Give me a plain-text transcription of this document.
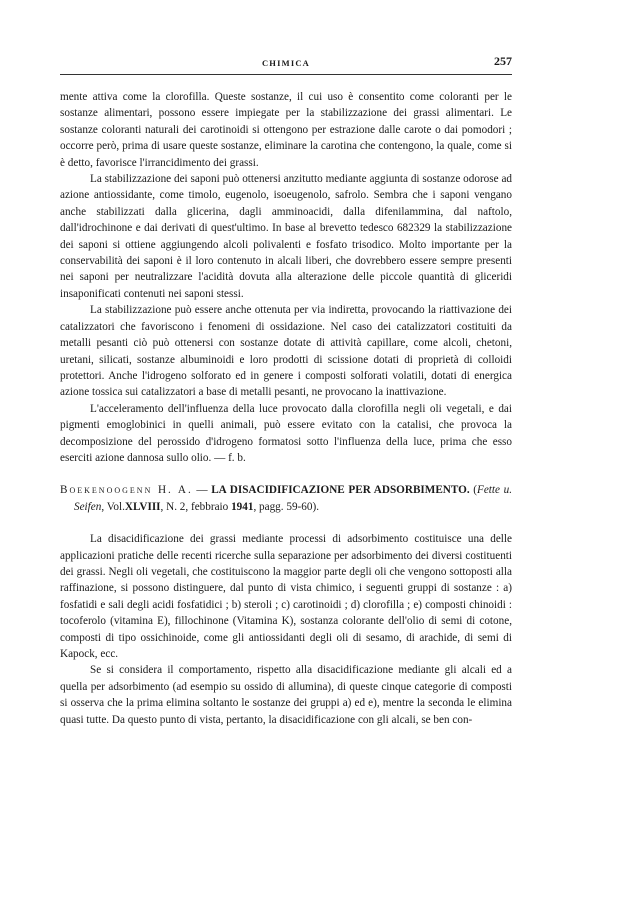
CHIMICA	257

mente attiva come la clorofilla. Queste sostanze, il cui uso è consentito come coloranti per le sostanze alimentari, possono essere impiegate per la stabilizzazione dei grassi alimentari. Le sostanze coloranti naturali dei carotinoidi si ottengono per estrazione dalle carote o dai pomodori ; occorre però, prima di usare queste sostanze, eliminare la carotina che contengono, la quale, come si è detto, favorisce l'irrancidimento dei grassi.

La stabilizzazione dei saponi può ottenersi anzitutto mediante aggiunta di sostanze odorose ad azione antiossidante, come timolo, eugenolo, isoeugenolo, safrolo. Sembra che i saponi vengano anche stabilizzati dalla glicerina, dagli amminoacidi, dalla difenilammina, dal naftolo, dall'idrochinone e dai derivati di quest'ultimo. In base al brevetto tedesco 682329 la stabilizzazione dei saponi si ottiene aggiungendo alcoli polivalenti e fosfato trisodico. Molto importante per la conservabilità dei saponi è il loro contenuto in alcali liberi, che dovrebbero essere sempre presenti nei saponi per neutralizzare l'acidità dovuta alla alterazione delle piccole quantità di gliceridi insaponificati contenuti nei saponi stessi.

La stabilizzazione può essere anche ottenuta per via indiretta, provocando la riattivazione dei catalizzatori che favoriscono i fenomeni di ossidazione. Nel caso dei catalizzatori costituiti da metalli pesanti ciò può ottenersi con sostanze dotate di attività capillare, come alcoli, chetoni, uretani, silicati, sostanze albuminoidi e loro prodotti di scissione dotati di proprietà di colloidi protettori. Anche l'idrogeno solforato ed in genere i composti solforati volatili, dotati di energica azione tossica sui catalizzatori a base di metalli pesanti, ne provocano la inattivazione.

L'acceleramento dell'influenza della luce provocato dalla clorofilla negli oli vegetali, e dai pigmenti emoglobinici in quelli animali, può essere evitato con la catalisi, che provoca la decomposizione del perossido d'idrogeno formatosi sotto l'influenza della luce, prima che esso eserciti azione dannosa sullo olio. — f. b.

Boekenoogenn H. A. — LA DISACIDIFICAZIONE PER ADSORBIMENTO. (Fette u. Seifen, Vol.XLVIII, N. 2, febbraio 1941, pagg. 59-60).

La disacidificazione dei grassi mediante processi di adsorbimento costituisce una delle applicazioni pratiche delle recenti ricerche sulla separazione per adsorbimento dei diversi costituenti dei grassi. Negli oli vegetali, che costituiscono la maggior parte degli oli che vengono sottoposti alla raffinazione, si possono distinguere, dal punto di vista chimico, i seguenti gruppi di sostanze : a) fosfatidi e sali degli acidi fosfatidici ; b) steroli ; c) carotinoidi ; d) clorofilla ; e) composti chinoidi : tocoferolo (vitamina E), fillochinone (Vitamina K), sostanza colorante dell'olio di semi di cotone, composti di tipo ossichinoide, come gli antiossidanti degli oli di sesamo, di arachide, di semi di Kapock, ecc.

Se si considera il comportamento, rispetto alla disacidificazione mediante gli alcali ed a quella per adsorbimento (ad esempio su ossido di allumina), di queste cinque categorie di composti si osserva che la prima elimina soltanto le sostanze dei gruppi a) ed e), mentre la seconda le elimina quasi tutte. Da questo punto di vista, pertanto, la disacidificazione con gli alcali, se ben con-
